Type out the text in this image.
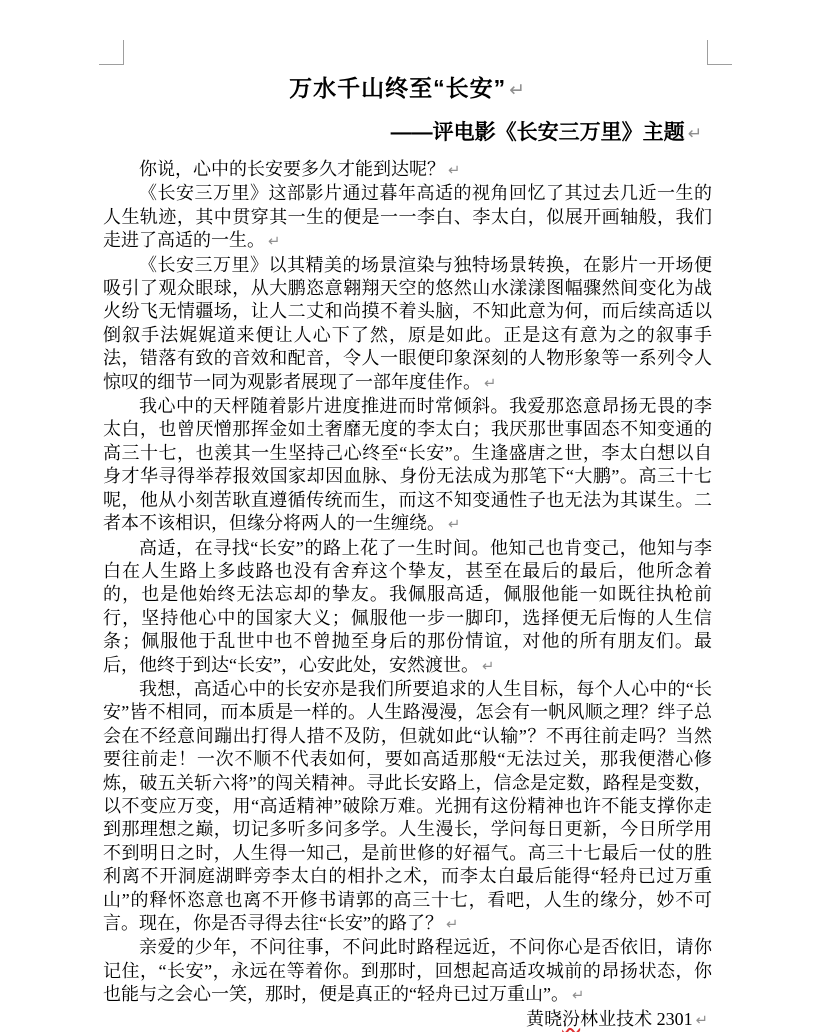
万水千山终至“长安” ↵
——评电影《长安三万里》主题 ↵

你说，心中的长安要多久才能到达呢？ ↵

《长安三万里》这部影片通过暮年高适的视角回忆了其过去几近一生的人生轨迹，其中贯穿其一生的便是一一李白、李太白，似展开画轴般，我们走进了高适的一生。 ↵

《长安三万里》以其精美的场景渲染与独特场景转换，在影片一开场便吸引了观众眼球，从大鹏恣意翱翔天空的悠然山水漾漾图幅骤然间变化为战火纷飞无情疆场，让人二丈和尚摸不着头脑，不知此意为何，而后续高适以倒叙手法娓娓道来便让人心下了然，原是如此。正是这有意为之的叙事手法，错落有致的音效和配音，令人一眼便印象深刻的人物形象等一系列令人惊叹的细节一同为观影者展现了一部年度佳作。 ↵

我心中的天枰随着影片进度推进而时常倾斜。我爱那恣意昂扬无畏的李太白，也曾厌憎那挥金如土奢靡无度的李太白；我厌那世事固态不知变通的高三十七，也羡其一生坚持己心终至“长安”。生逢盛唐之世，李太白想以自身才华寻得举荐报效国家却因血脉、身份无法成为那笔下“大鹏”。高三十七呢，他从小刻苦耿直遵循传统而生，而这不知变通性子也无法为其谋生。二者本不该相识，但缘分将两人的一生缠绕。 ↵

高适，在寻找“长安”的路上花了一生时间。他知己也肯变己，他知与李白在人生路上多歧路也没有舍弃这个挚友，甚至在最后的最后，他所念着的，也是他始终无法忘却的挚友。我佩服高适，佩服他能一如既往执枪前行，坚持他心中的国家大义；佩服他一步一脚印，选择便无后悔的人生信条；佩服他于乱世中也不曾抛至身后的那份情谊，对他的所有朋友们。最后，他终于到达“长安”，心安此处，安然渡世。 ↵

我想，高适心中的长安亦是我们所要追求的人生目标，每个人心中的“长安”皆不相同，而本质是一样的。人生路漫漫，怎会有一帆风顺之理？绊子总会在不经意间蹦出打得人措不及防，但就如此“认输”？不再往前走吗？当然要往前走！一次不顺不代表如何，要如高适那般“无法过关，那我便潜心修炼，破五关斩六将”的闯关精神。寻此长安路上，信念是定数，路程是变数，以不变应万变，用“高适精神”破除万难。光拥有这份精神也许不能支撑你走到那理想之巅，切记多听多问多学。人生漫长，学问每日更新，今日所学用不到明日之时，人生得一知己，是前世修的好福气。高三十七最后一仗的胜利离不开洞庭湖畔旁李太白的相扑之术，而李太白最后能得“轻舟已过万重山”的释怀恣意也离不开修书请郭的高三十七，看吧，人生的缘分，妙不可言。现在，你是否寻得去往“长安”的路了？ ↵

亲爱的少年，不问往事，不问此时路程远近，不问你心是否依旧，请你记住，“长安”，永远在等着你。到那时，回想起高适攻城前的昂扬状态，你也能与之会心一笑，那时，便是真正的“轻舟已过万重山”。 ↵

黄晓汾林业技术 2301 ↵
